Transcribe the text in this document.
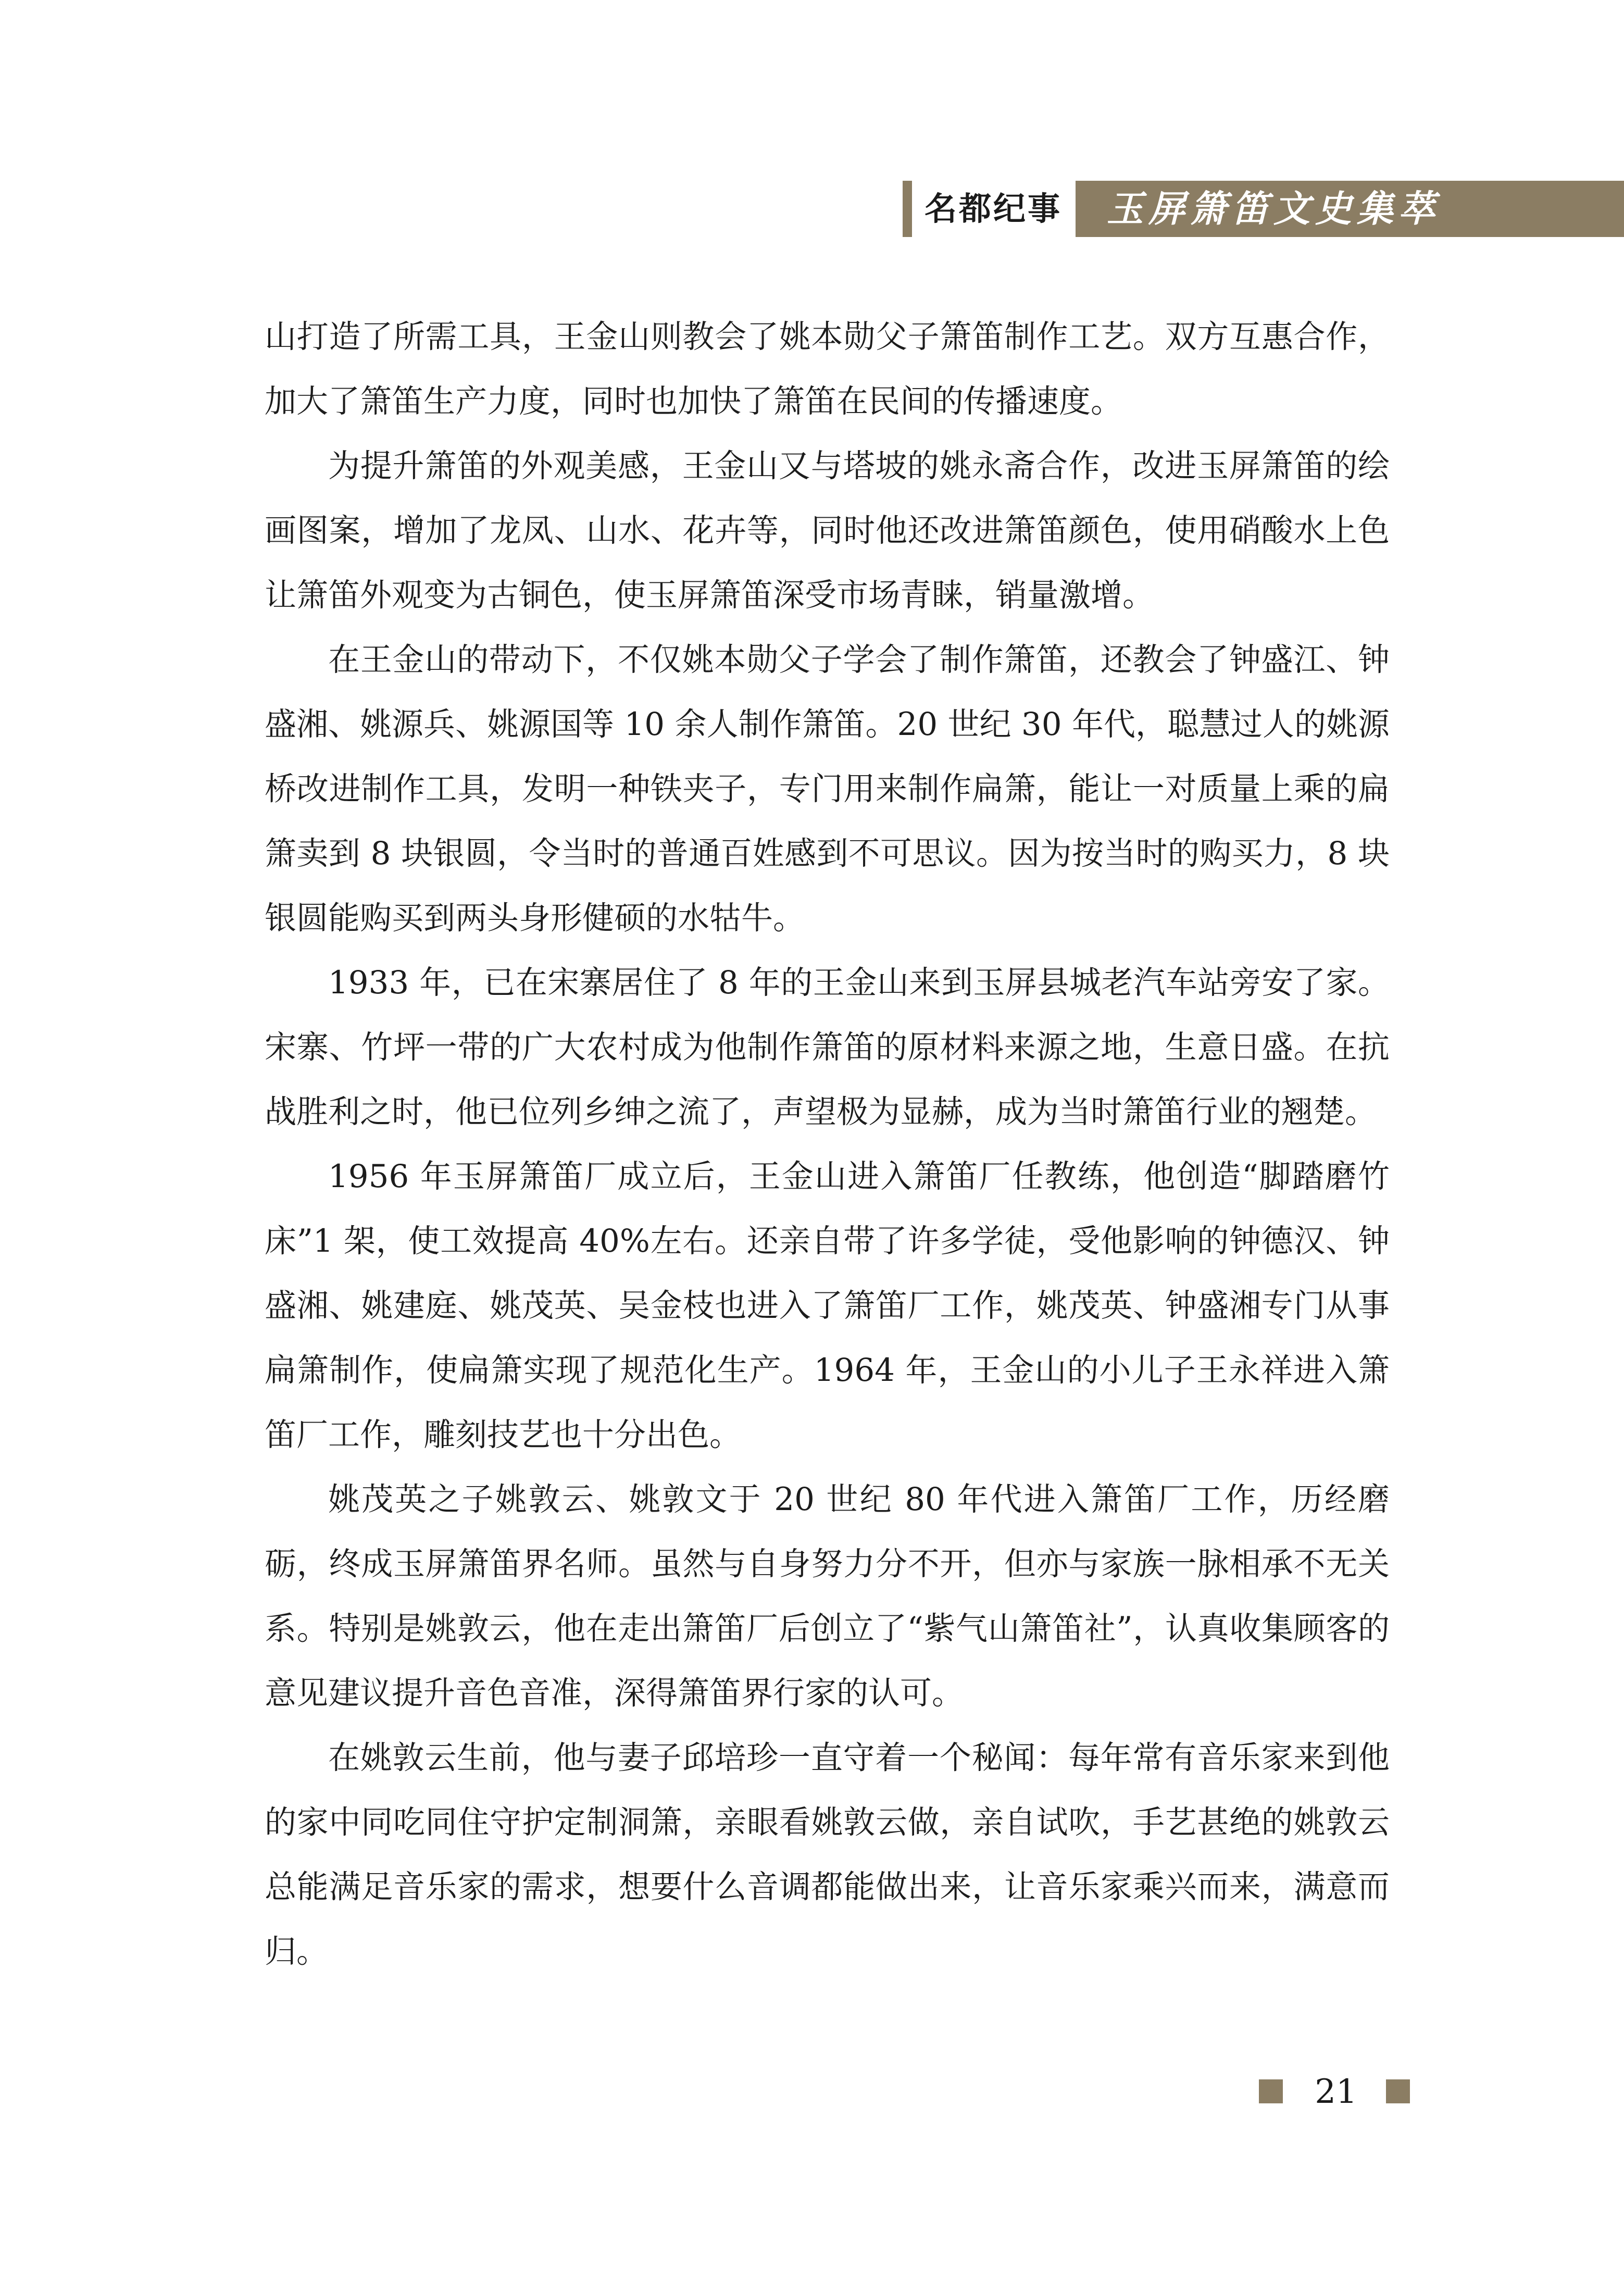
名都纪事 玉屏箫笛文史集萃

山打造了所需工具，王金山则教会了姚本勋父子箫笛制作工艺。双方互惠合作，加大了箫笛生产力度，同时也加快了箫笛在民间的传播速度。

为提升箫笛的外观美感，王金山又与塔坡的姚永斋合作，改进玉屏箫笛的绘画图案，增加了龙凤、山水、花卉等，同时他还改进箫笛颜色，使用硝酸水上色让箫笛外观变为古铜色，使玉屏箫笛深受市场青睐，销量激增。

在王金山的带动下，不仅姚本勋父子学会了制作箫笛，还教会了钟盛江、钟盛湘、姚源兵、姚源国等 10 余人制作箫笛。20 世纪 30 年代，聪慧过人的姚源桥改进制作工具，发明一种铁夹子，专门用来制作扁箫，能让一对质量上乘的扁箫卖到 8 块银圆，令当时的普通百姓感到不可思议。因为按当时的购买力，8 块银圆能购买到两头身形健硕的水牯牛。

1933 年，已在宋寨居住了 8 年的王金山来到玉屏县城老汽车站旁安了家。宋寨、竹坪一带的广大农村成为他制作箫笛的原材料来源之地，生意日盛。在抗战胜利之时，他已位列乡绅之流了，声望极为显赫，成为当时箫笛行业的翘楚。

1956 年玉屏箫笛厂成立后，王金山进入箫笛厂任教练，他创造“脚踏磨竹床”1 架，使工效提高 40%左右。还亲自带了许多学徒，受他影响的钟德汉、钟盛湘、姚建庭、姚茂英、吴金枝也进入了箫笛厂工作，姚茂英、钟盛湘专门从事扁箫制作，使扁箫实现了规范化生产。1964 年，王金山的小儿子王永祥进入箫笛厂工作，雕刻技艺也十分出色。

姚茂英之子姚敦云、姚敦文于 20 世纪 80 年代进入箫笛厂工作，历经磨砺，终成玉屏箫笛界名师。虽然与自身努力分不开，但亦与家族一脉相承不无关系。特别是姚敦云，他在走出箫笛厂后创立了“紫气山箫笛社”，认真收集顾客的意见建议提升音色音准，深得箫笛界行家的认可。

在姚敦云生前，他与妻子邱培珍一直守着一个秘闻：每年常有音乐家来到他的家中同吃同住守护定制洞箫，亲眼看姚敦云做，亲自试吹，手艺甚绝的姚敦云总能满足音乐家的需求，想要什么音调都能做出来，让音乐家乘兴而来，满意而归。

21
